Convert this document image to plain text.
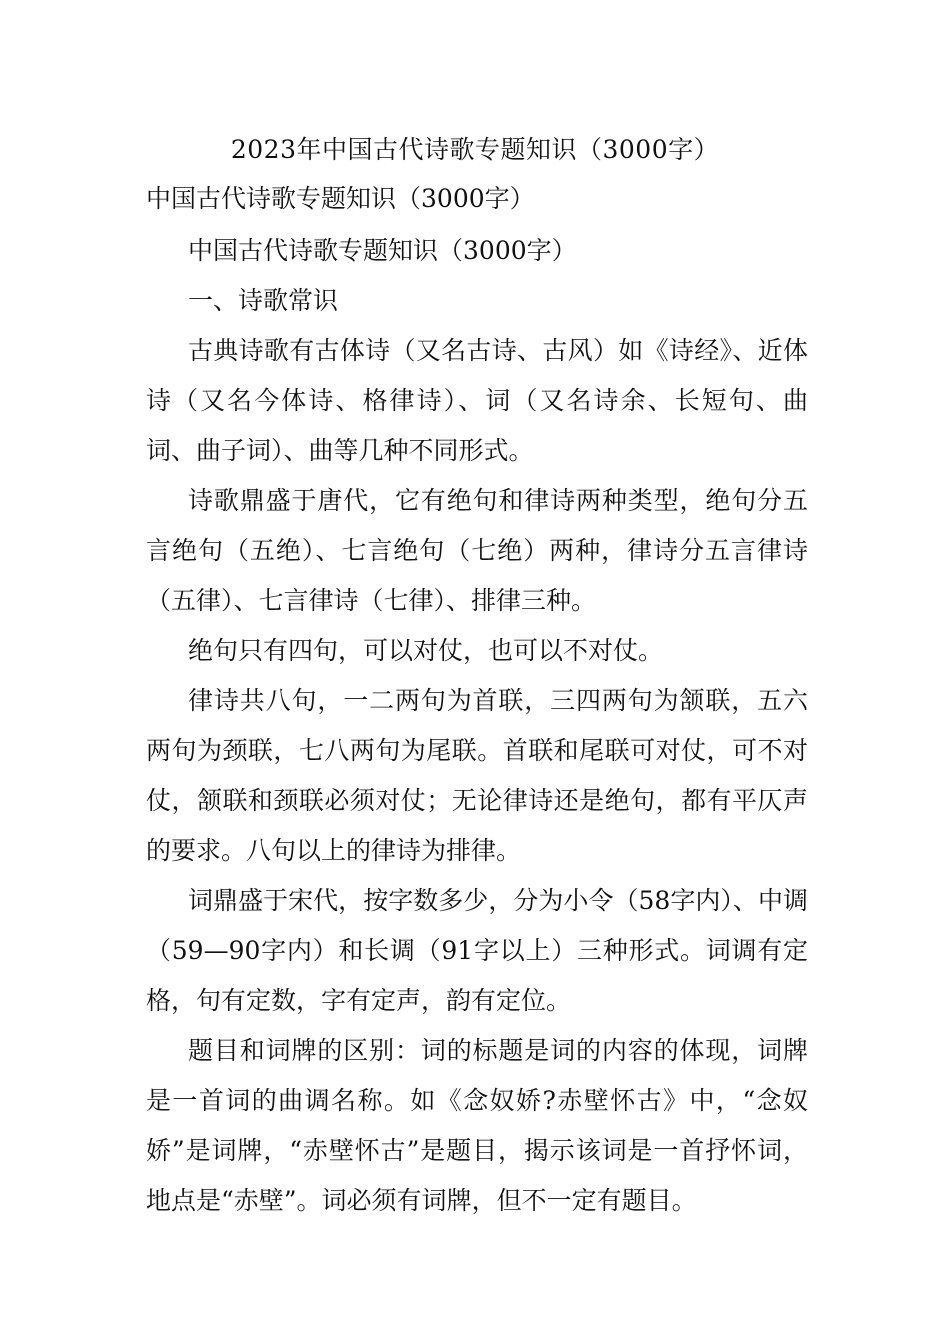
2023年中国古代诗歌专题知识（3000字）

中国古代诗歌专题知识（3000字）

中国古代诗歌专题知识（3000字）

一、诗歌常识

古典诗歌有古体诗（又名古诗、古风）如《诗经》、近体诗（又名今体诗、格律诗）、词（又名诗余、长短句、曲词、曲子词）、曲等几种不同形式。

诗歌鼎盛于唐代，它有绝句和律诗两种类型，绝句分五言绝句（五绝）、七言绝句（七绝）两种，律诗分五言律诗（五律）、七言律诗（七律）、排律三种。

绝句只有四句，可以对仗，也可以不对仗。

律诗共八句，一二两句为首联，三四两句为颔联，五六两句为颈联，七八两句为尾联。首联和尾联可对仗，可不对仗，颔联和颈联必须对仗；无论律诗还是绝句，都有平仄声的要求。八句以上的律诗为排律。

词鼎盛于宋代，按字数多少，分为小令（58字内）、中调（59—90字内）和长调（91字以上）三种形式。词调有定格，句有定数，字有定声，韵有定位。

题目和词牌的区别：词的标题是词的内容的体现，词牌是一首词的曲调名称。如《念奴娇?赤壁怀古》中，“念奴娇”是词牌，“赤壁怀古”是题目，揭示该词是一首抒怀词，地点是“赤壁”。词必须有词牌，但不一定有题目。
